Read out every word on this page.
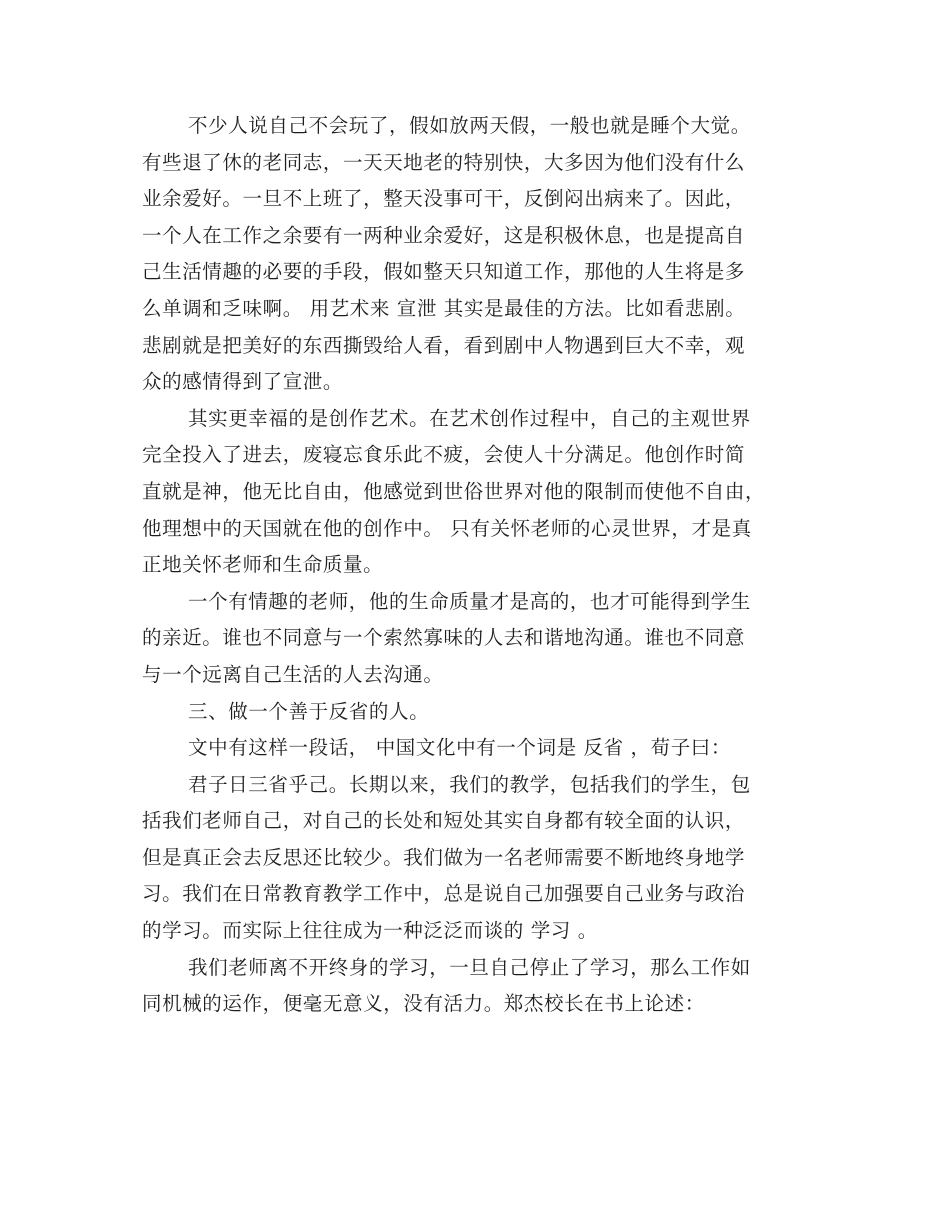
不少人说自己不会玩了，假如放两天假，一般也就是睡个大觉。
有些退了休的老同志，一天天地老的特别快，大多因为他们没有什么
业余爱好。一旦不上班了，整天没事可干，反倒闷出病来了。因此，
一个人在工作之余要有一两种业余爱好，这是积极休息，也是提高自
己生活情趣的必要的手段，假如整天只知道工作，那他的人生将是多
么单调和乏味啊。 用艺术来 宣泄 其实是最佳的方法。比如看悲剧。
悲剧就是把美好的东西撕毁给人看，看到剧中人物遇到巨大不幸，观
众的感情得到了宣泄。
其实更幸福的是创作艺术。在艺术创作过程中，自己的主观世界
完全投入了进去，废寝忘食乐此不疲，会使人十分满足。他创作时简
直就是神，他无比自由，他感觉到世俗世界对他的限制而使他不自由，
他理想中的天国就在他的创作中。 只有关怀老师的心灵世界，才是真
正地关怀老师和生命质量。
一个有情趣的老师，他的生命质量才是高的，也才可能得到学生
的亲近。谁也不同意与一个索然寡味的人去和谐地沟通。谁也不同意
与一个远离自己生活的人去沟通。
三、做一个善于反省的人。
文中有这样一段话， 中国文化中有一个词是 反省 ，荀子曰：
君子日三省乎己。长期以来，我们的教学，包括我们的学生，包
括我们老师自己，对自己的长处和短处其实自身都有较全面的认识，
但是真正会去反思还比较少。我们做为一名老师需要不断地终身地学
习。我们在日常教育教学工作中，总是说自己加强要自己业务与政治
的学习。而实际上往往成为一种泛泛而谈的 学习 。
我们老师离不开终身的学习，一旦自己停止了学习，那么工作如
同机械的运作，便毫无意义，没有活力。郑杰校长在书上论述：
